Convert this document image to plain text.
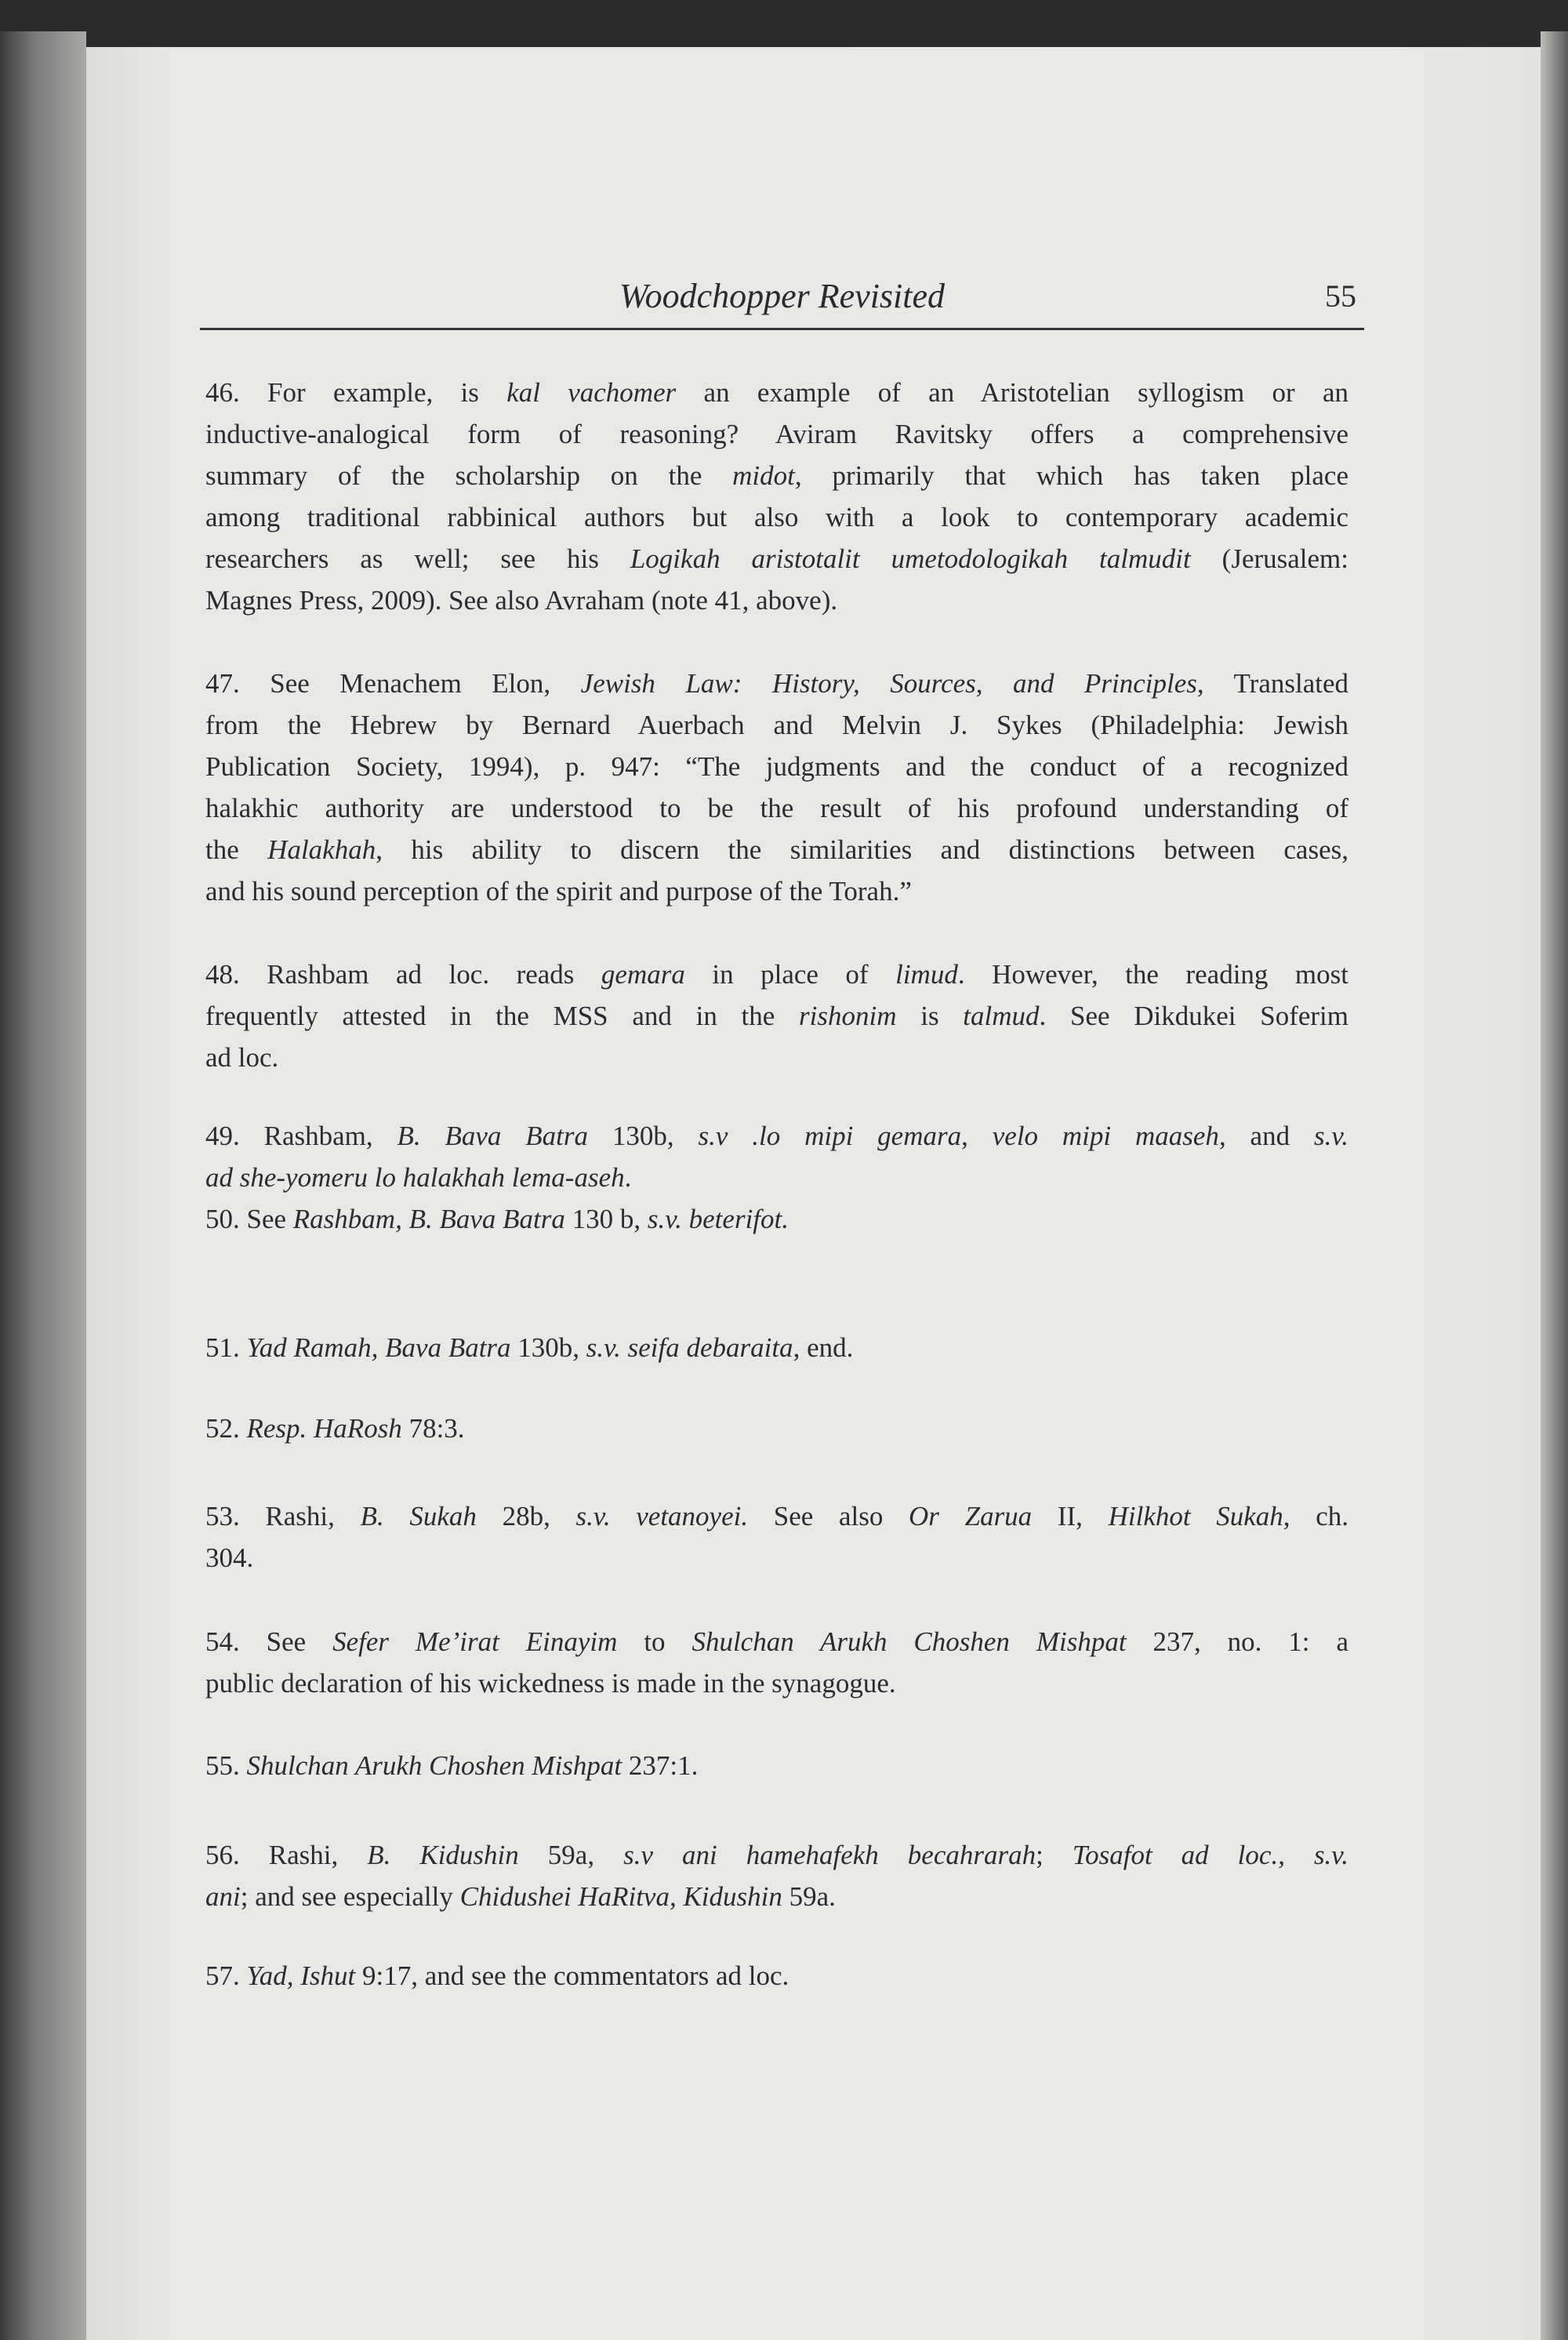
Woodchopper Revisited	55
46. For example, is kal vachomer an example of an Aristotelian syllogism or an
inductive-analogical form of reasoning? Aviram Ravitsky offers a comprehensive
summary of the scholarship on the midot, primarily that which has taken place
among traditional rabbinical authors but also with a look to contemporary academic
researchers as well; see his Logikah aristotalit umetodologikah talmudit (Jerusalem:
Magnes Press, 2009). See also Avraham (note 41, above).
47. See Menachem Elon, Jewish Law: History, Sources, and Principles, Translated
from the Hebrew by Bernard Auerbach and Melvin J. Sykes (Philadelphia: Jewish
Publication Society, 1994), p. 947: “The judgments and the conduct of a recognized
halakhic authority are understood to be the result of his profound understanding of
the Halakhah, his ability to discern the similarities and distinctions between cases,
and his sound perception of the spirit and purpose of the Torah.”
48. Rashbam ad loc. reads gemara in place of limud. However, the reading most
frequently attested in the MSS and in the rishonim is talmud. See Dikdukei Soferim
ad loc.
49. Rashbam, B. Bava Batra 130b, s.v .lo mipi gemara, velo mipi maaseh, and s.v.
ad she-yomeru lo halakhah lema-aseh.
50. See Rashbam, B. Bava Batra 130 b, s.v. beterifot.
51. Yad Ramah, Bava Batra 130b, s.v. seifa debaraita, end.
52. Resp. HaRosh 78:3.
53. Rashi, B. Sukah 28b, s.v. vetanoyei. See also Or Zarua II, Hilkhot Sukah, ch.
304.
54. See Sefer Me’irat Einayim to Shulchan Arukh Choshen Mishpat 237, no. 1: a
public declaration of his wickedness is made in the synagogue.
55. Shulchan Arukh Choshen Mishpat 237:1.
56. Rashi, B. Kidushin 59a, s.v ani hamehafekh becahrarah; Tosafot ad loc., s.v.
ani; and see especially Chidushei HaRitva, Kidushin 59a.
57. Yad, Ishut 9:17, and see the commentators ad loc.
